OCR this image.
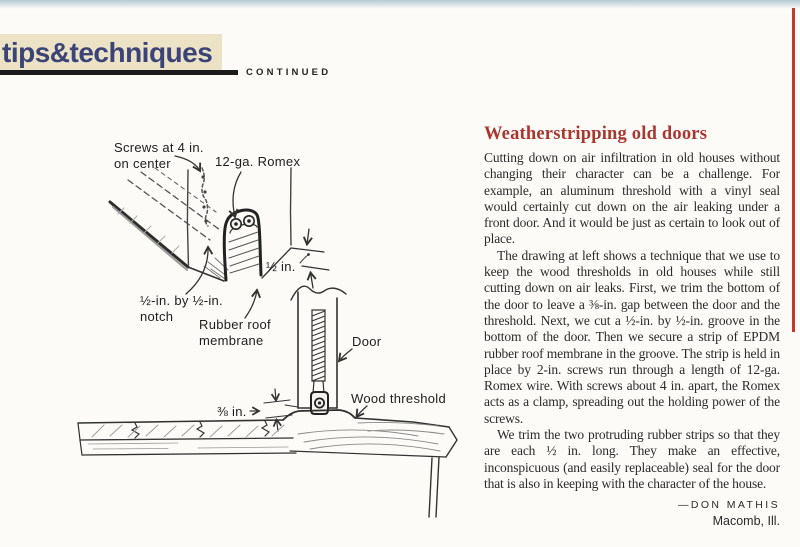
tips&techniques
CONTINUED
Screws at 4 in.
on center	12-ga. Romex
½ in.
½-in. by ½-in.
notch
Rubber roof
membrane	Door
⅜ in.
Wood threshold
Weatherstripping old doors

Cutting down on air infiltration in old houses without changing their character can be a challenge. For example, an aluminum threshold with a vinyl seal would certainly cut down on the air leaking under a front door. And it would be just as certain to look out of place.

The drawing at left shows a technique that we use to keep the wood thresholds in old houses while still cutting down on air leaks. First, we trim the bottom of the door to leave a ⅜-in. gap between the door and the threshold. Next, we cut a ½-in. by ½-in. groove in the bottom of the door. Then we secure a strip of EPDM rubber roof membrane in the groove. The strip is held in place by 2-in. screws run through a length of 12-ga. Romex wire. With screws about 4 in. apart, the Romex acts as a clamp, spreading out the holding power of the screws.

We trim the two protruding rubber strips so that they are each ½ in. long. They make an effective, inconspicuous (and easily replaceable) seal for the door that is also in keeping with the character of the house.

—DON MATHIS
Macomb, Ill.
